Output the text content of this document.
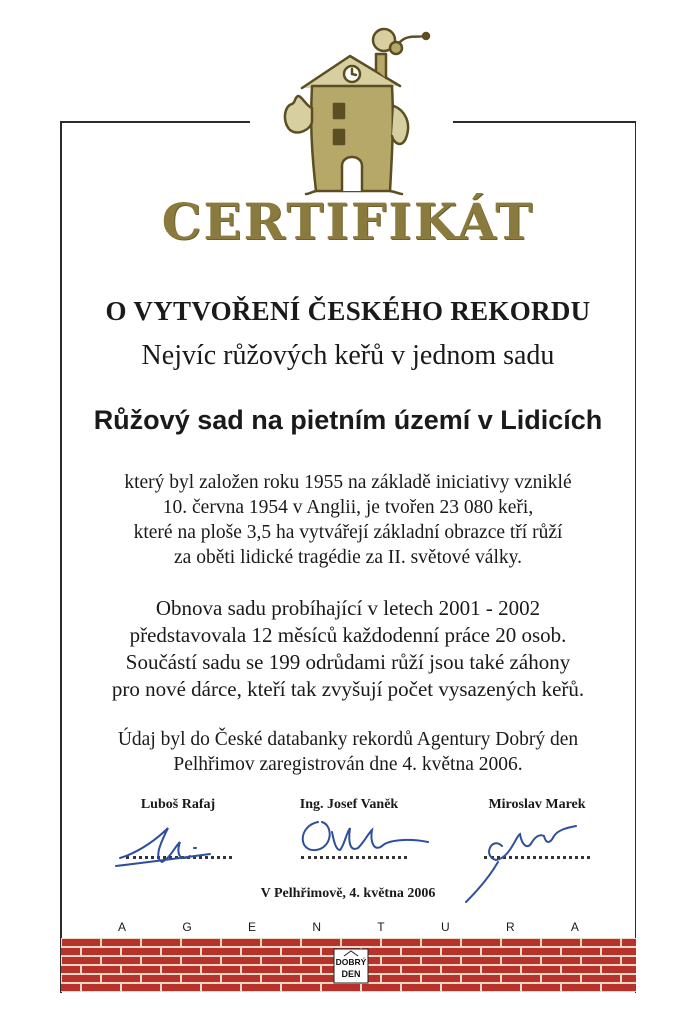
CERTIFIKÁT
O VYTVOŘENÍ ČESKÉHO REKORDU
Nejvíc růžových keřů v jednom sadu
Růžový sad na pietním území v Lidicích
který byl založen roku 1955 na základě iniciativy vzniklé
10. června 1954 v Anglii, je tvořen 23 080 keři,
které na ploše 3,5 ha vytvářejí základní obrazce tří růží
za oběti lidické tragédie za II. světové války.
Obnova sadu probíhající v letech 2001 - 2002
představovala 12 měsíců každodenní práce 20 osob.
Součástí sadu se 199 odrůdami růží jsou také záhony
pro nové dárce, kteří tak zvyšují počet vysazených keřů.
Údaj byl do České databanky rekordů Agentury Dobrý den
Pelhřimov zaregistrován dne 4. května 2006.
Luboš Rafaj	Ing. Josef Vaněk	Miroslav Marek
V Pelhřimově, 4. května 2006
A	G	E	N	T	U	R	A
DOBRÝ
DEN
